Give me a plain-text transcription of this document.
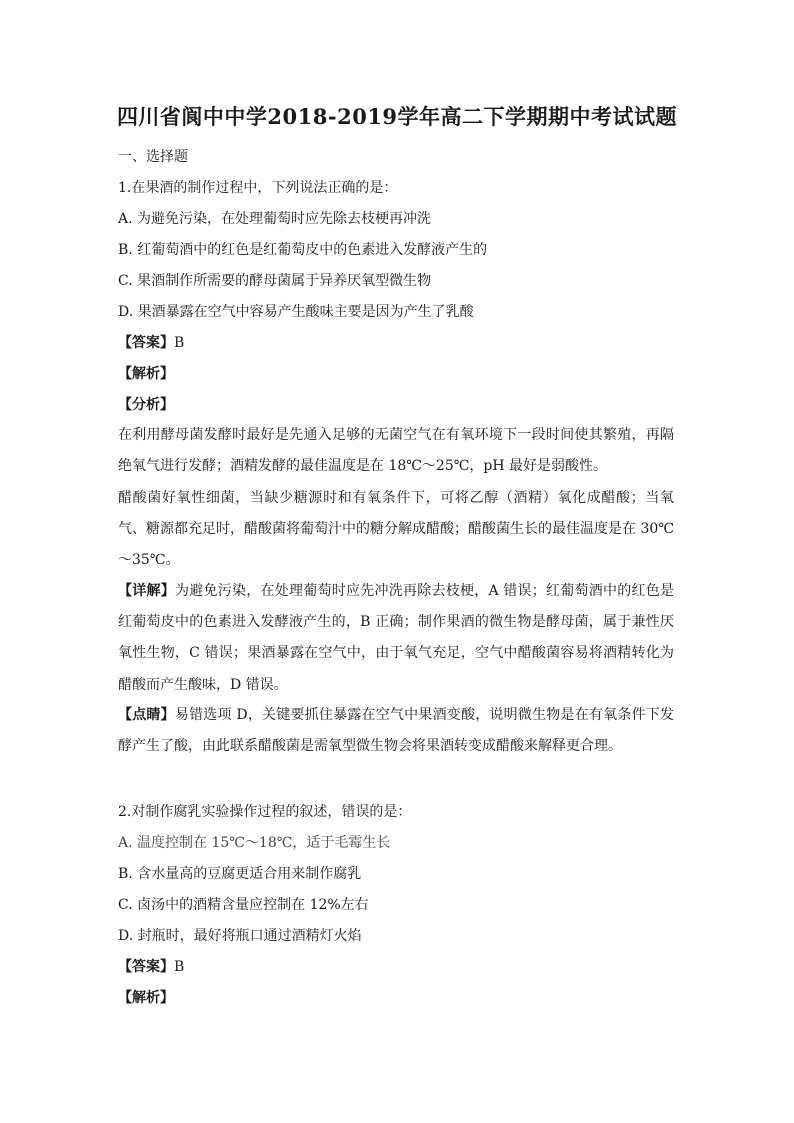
四川省阆中中学2018-2019学年高二下学期期中考试试题
一、选择题
1.在果酒的制作过程中，下列说法正确的是：
A. 为避免污染，在处理葡萄时应先除去枝梗再冲洗
B. 红葡萄酒中的红色是红葡萄皮中的色素进入发酵液产生的
C. 果酒制作所需要的酵母菌属于异养厌氧型微生物
D. 果酒暴露在空气中容易产生酸味主要是因为产生了乳酸
【答案】B
【解析】
【分析】
在利用酵母菌发酵时最好是先通入足够的无菌空气在有氧环境下一段时间使其繁殖，再隔绝氧气进行发酵；酒精发酵的最佳温度是在 18℃～25℃，pH 最好是弱酸性。
醋酸菌好氧性细菌，当缺少糖源时和有氧条件下，可将乙醇（酒精）氧化成醋酸；当氧气、糖源都充足时，醋酸菌将葡萄汁中的糖分解成醋酸；醋酸菌生长的最佳温度是在 30℃～35℃。
【详解】为避免污染，在处理葡萄时应先冲洗再除去枝梗，A 错误；红葡萄酒中的红色是红葡萄皮中的色素进入发酵液产生的，B 正确；制作果酒的微生物是酵母菌，属于兼性厌氧性生物，C 错误；果酒暴露在空气中，由于氧气充足，空气中醋酸菌容易将酒精转化为醋酸而产生酸味，D 错误。
【点睛】易错选项 D，关键要抓住暴露在空气中果酒变酸，说明微生物是在有氧条件下发酵产生了酸，由此联系醋酸菌是需氧型微生物会将果酒转变成醋酸来解释更合理。
2.对制作腐乳实验操作过程的叙述，错误的是：
A. 温度控制在 15℃～18℃，适于毛霉生长
B. 含水量高的豆腐更适合用来制作腐乳
C. 卤汤中的酒精含量应控制在 12%左右
D. 封瓶时，最好将瓶口通过酒精灯火焰
【答案】B
【解析】
